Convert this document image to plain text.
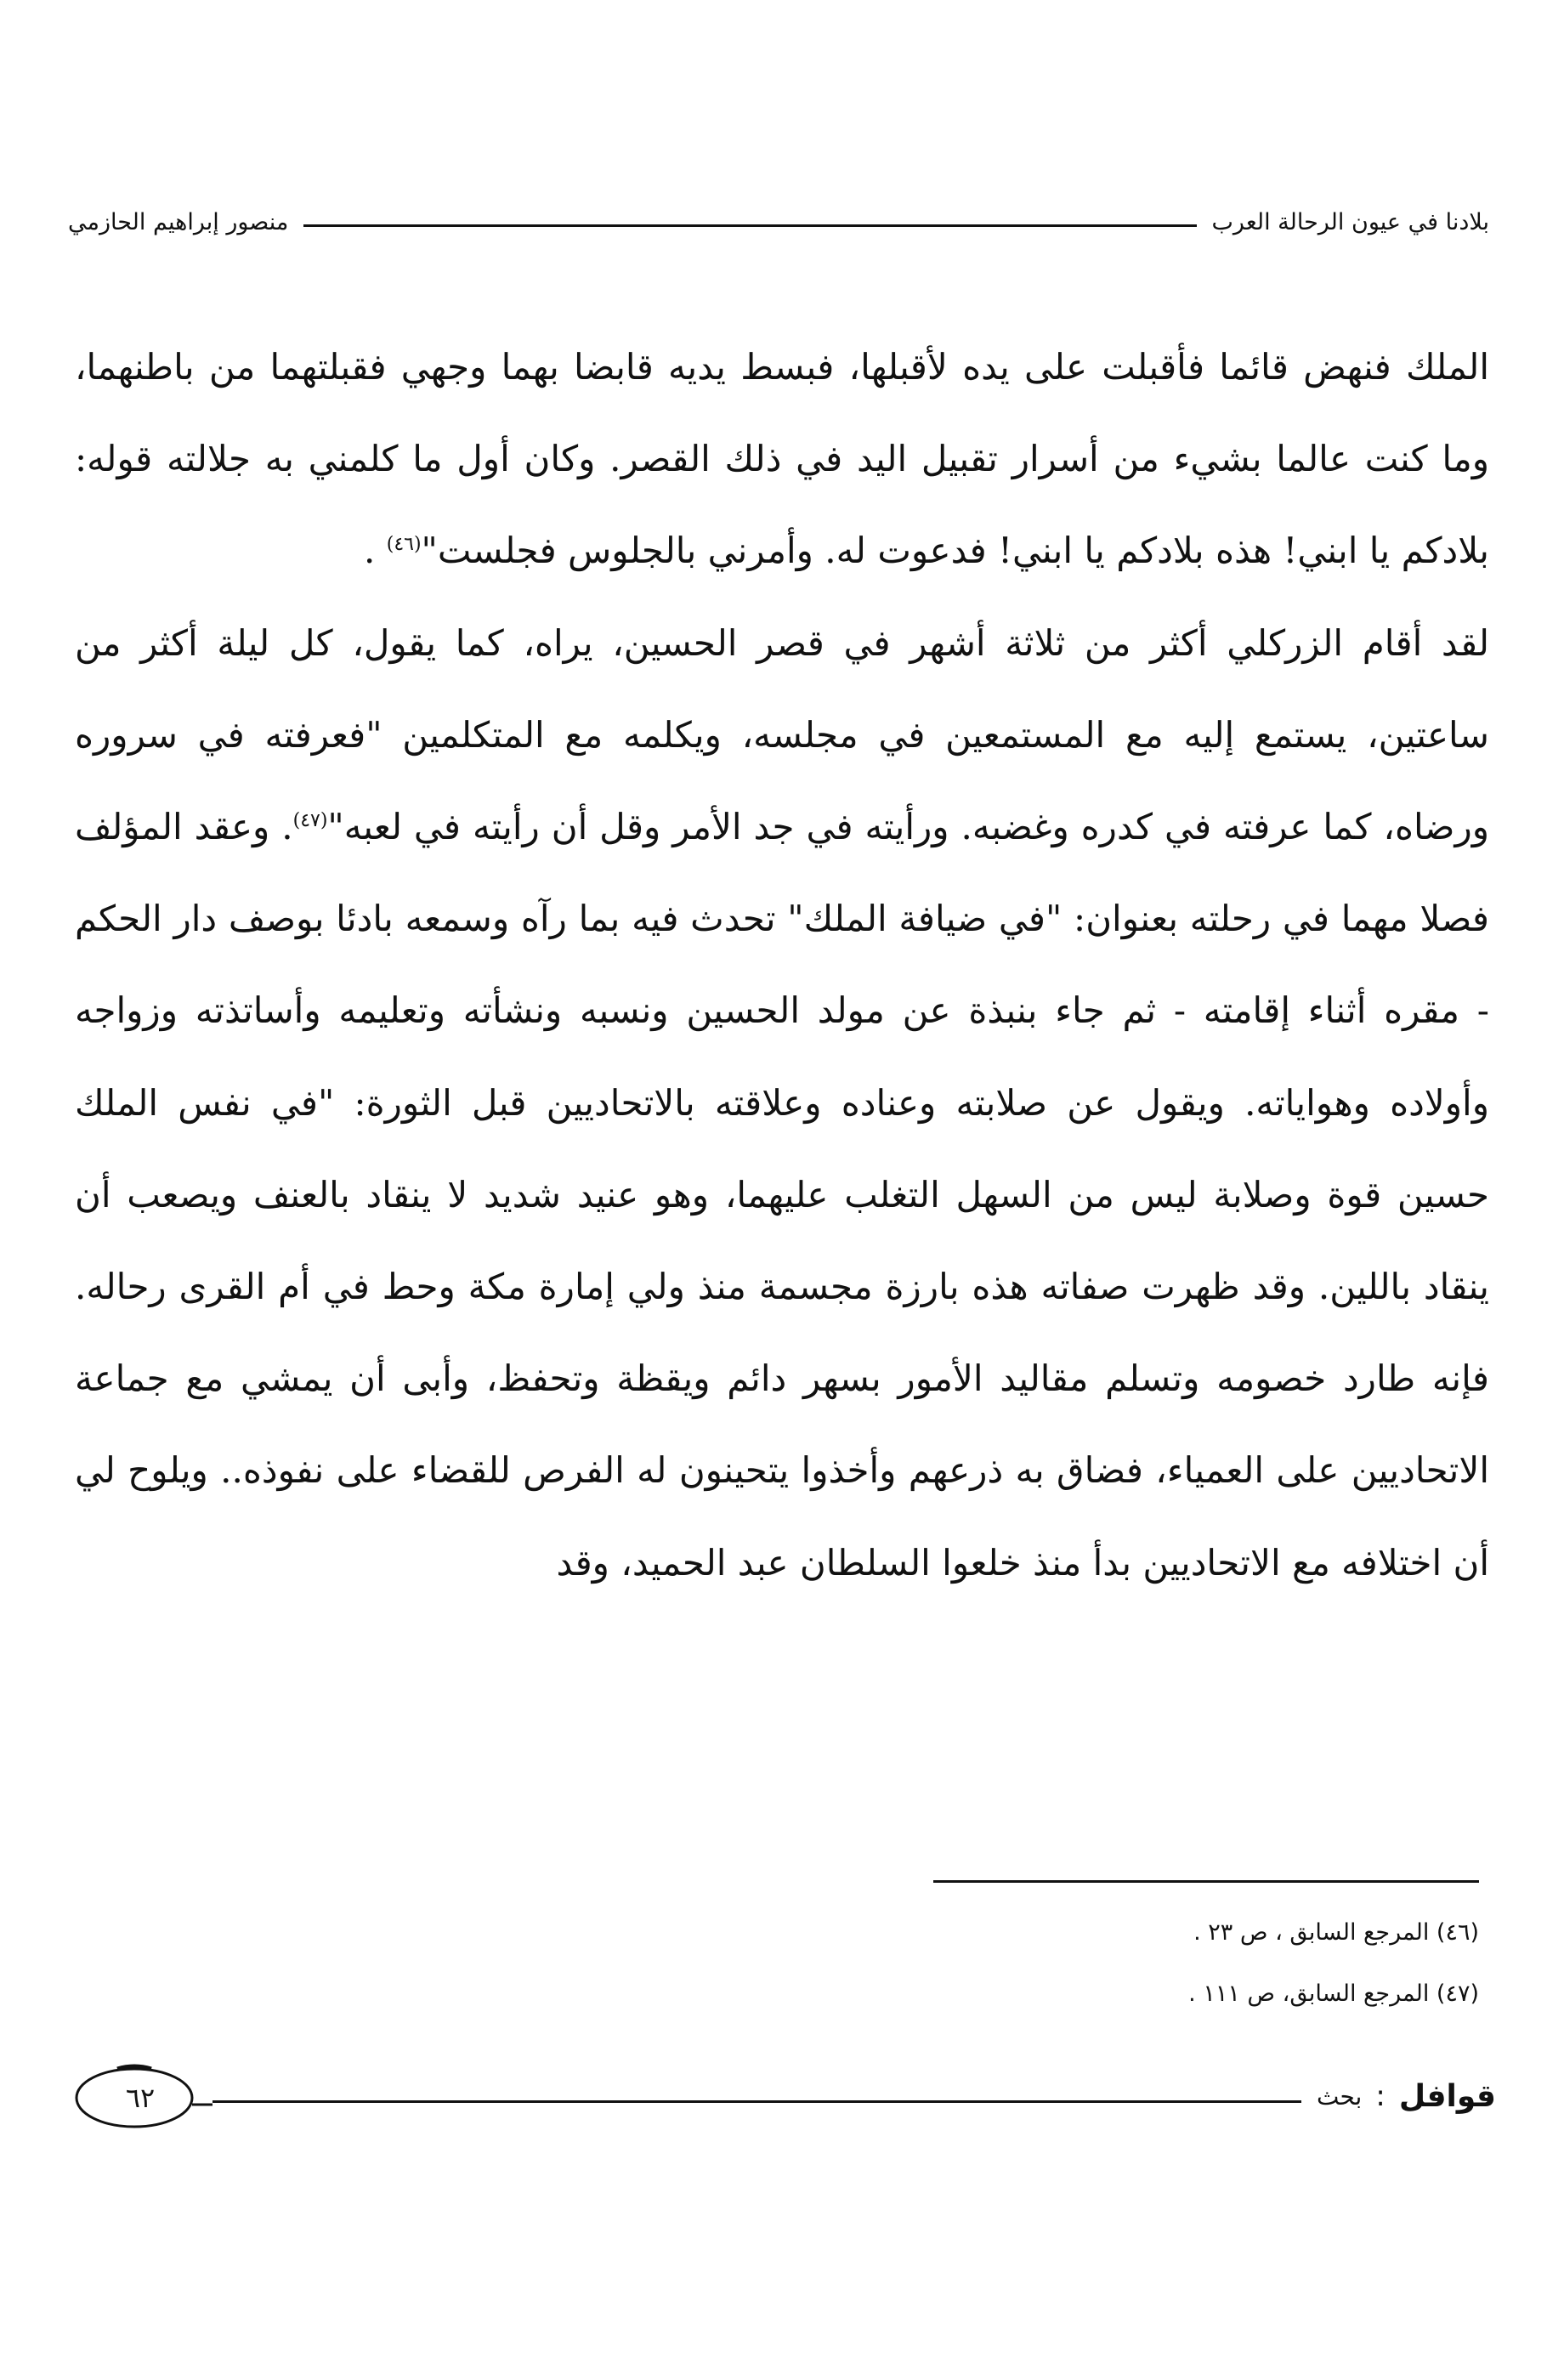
بلادنا في عيون الرحالة العرب
منصور إبراهيم الحازمي

الملك فنهض قائما فأقبلت على يده لأقبلها، فبسط يديه قابضا بهما وجهي فقبلتهما من باطنهما، وما كنت عالما بشيء من أسرار تقبيل اليد في ذلك القصر. وكان أول ما كلمني به جلالته قوله: بلادكم يا ابني! هذه بلادكم يا ابني! فدعوت له. وأمرني بالجلوس فجلست"$^{(٤٦)}$ .

لقد أقام الزركلي أكثر من ثلاثة أشهر في قصر الحسين، يراه، كما يقول، كل ليلة أكثر من ساعتين، يستمع إليه مع المستمعين في مجلسه، ويكلمه مع المتكلمين "فعرفته في سروره ورضاه، كما عرفته في كدره وغضبه. ورأيته في جد الأمر وقل أن رأيته في لعبه"$^{(٤٧)}$. وعقد المؤلف فصلا مهما في رحلته بعنوان: "في ضيافة الملك" تحدث فيه بما رآه وسمعه بادئا بوصف دار الحكم - مقره أثناء إقامته - ثم جاء بنبذة عن مولد الحسين ونسبه ونشأته وتعليمه وأساتذته وزواجه وأولاده وهواياته. ويقول عن صلابته وعناده وعلاقته بالاتحاديين قبل الثورة: "في نفس الملك حسين قوة وصلابة ليس من السهل التغلب عليهما، وهو عنيد شديد لا ينقاد بالعنف ويصعب أن ينقاد باللين. وقد ظهرت صفاته هذه بارزة مجسمة منذ ولي إمارة مكة وحط في أم القرى رحاله. فإنه طارد خصومه وتسلم مقاليد الأمور بسهر دائم ويقظة وتحفظ، وأبى أن يمشي مع جماعة الاتحاديين على العمياء، فضاق به ذرعهم وأخذوا يتحينون له الفرص للقضاء على نفوذه.. ويلوح لي أن اختلافه مع الاتحاديين بدأ منذ خلعوا السلطان عبد الحميد، وقد

(٤٦) المرجع السابق ، ص ٢٣ .
(٤٧) المرجع السابق، ص ١١١ .
قوافل
:
بحث
٦٢
